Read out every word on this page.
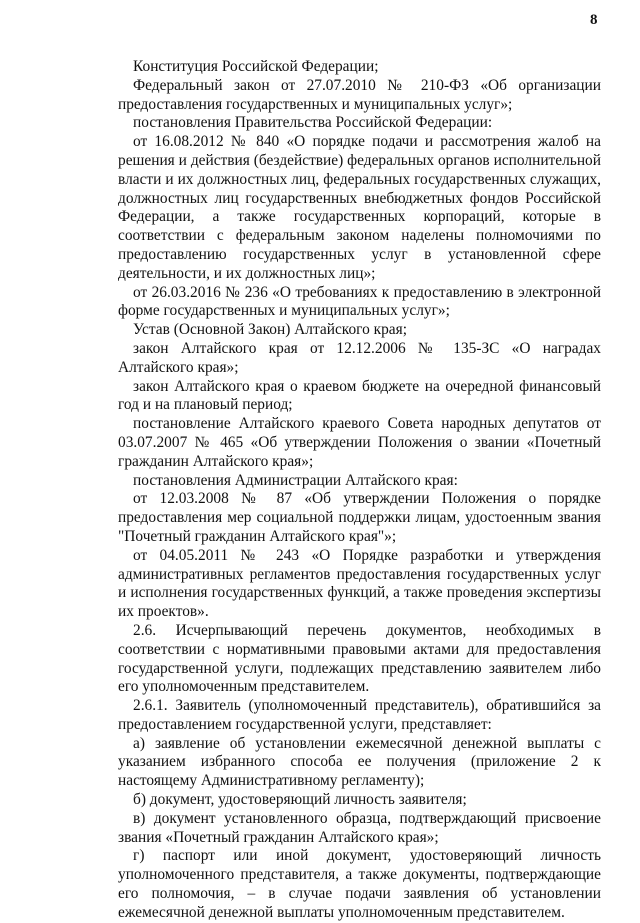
8

Конституция Российской Федерации;

Федеральный закон от 27.07.2010 № 210-ФЗ «Об организации предоставления государственных и муниципальных услуг»;

постановления Правительства Российской Федерации:

от 16.08.2012 № 840 «О порядке подачи и рассмотрения жалоб на решения и действия (бездействие) федеральных органов исполнительной власти и их должностных лиц, федеральных государственных служащих, должностных лиц государственных внебюджетных фондов Российской Федерации, а также государственных корпораций, которые в соответствии с федеральным законом наделены полномочиями по предоставлению государственных услуг в установленной сфере деятельности, и их должностных лиц»;

от 26.03.2016 № 236 «О требованиях к предоставлению в электронной форме государственных и муниципальных услуг»;

Устав (Основной Закон) Алтайского края;

закон Алтайского края от 12.12.2006 № 135-ЗС «О наградах Алтайского края»;

закон Алтайского края о краевом бюджете на очередной финансовый год и на плановый период;

постановление Алтайского краевого Совета народных депутатов от 03.07.2007 № 465 «Об утверждении Положения о звании «Почетный гражданин Алтайского края»;

постановления Администрации Алтайского края:

от 12.03.2008 № 87 «Об утверждении Положения о порядке предоставления мер социальной поддержки лицам, удостоенным звания "Почетный гражданин Алтайского края"»;

от 04.05.2011 № 243 «О Порядке разработки и утверждения административных регламентов предоставления государственных услуг и исполнения государственных функций, а также проведения экспертизы их проектов».

2.6. Исчерпывающий перечень документов, необходимых в соответствии с нормативными правовыми актами для предоставления государственной услуги, подлежащих представлению заявителем либо его уполномоченным представителем.

2.6.1. Заявитель (уполномоченный представитель), обратившийся за предоставлением государственной услуги, представляет:

а) заявление об установлении ежемесячной денежной выплаты с указанием избранного способа ее получения (приложение 2 к настоящему Административному регламенту);

б) документ, удостоверяющий личность заявителя;

в) документ установленного образца, подтверждающий присвоение звания «Почетный гражданин Алтайского края»;

г) паспорт или иной документ, удостоверяющий личность уполномоченного представителя, а также документы, подтверждающие его полномочия, – в случае подачи заявления об установлении ежемесячной денежной выплаты уполномоченным представителем.
